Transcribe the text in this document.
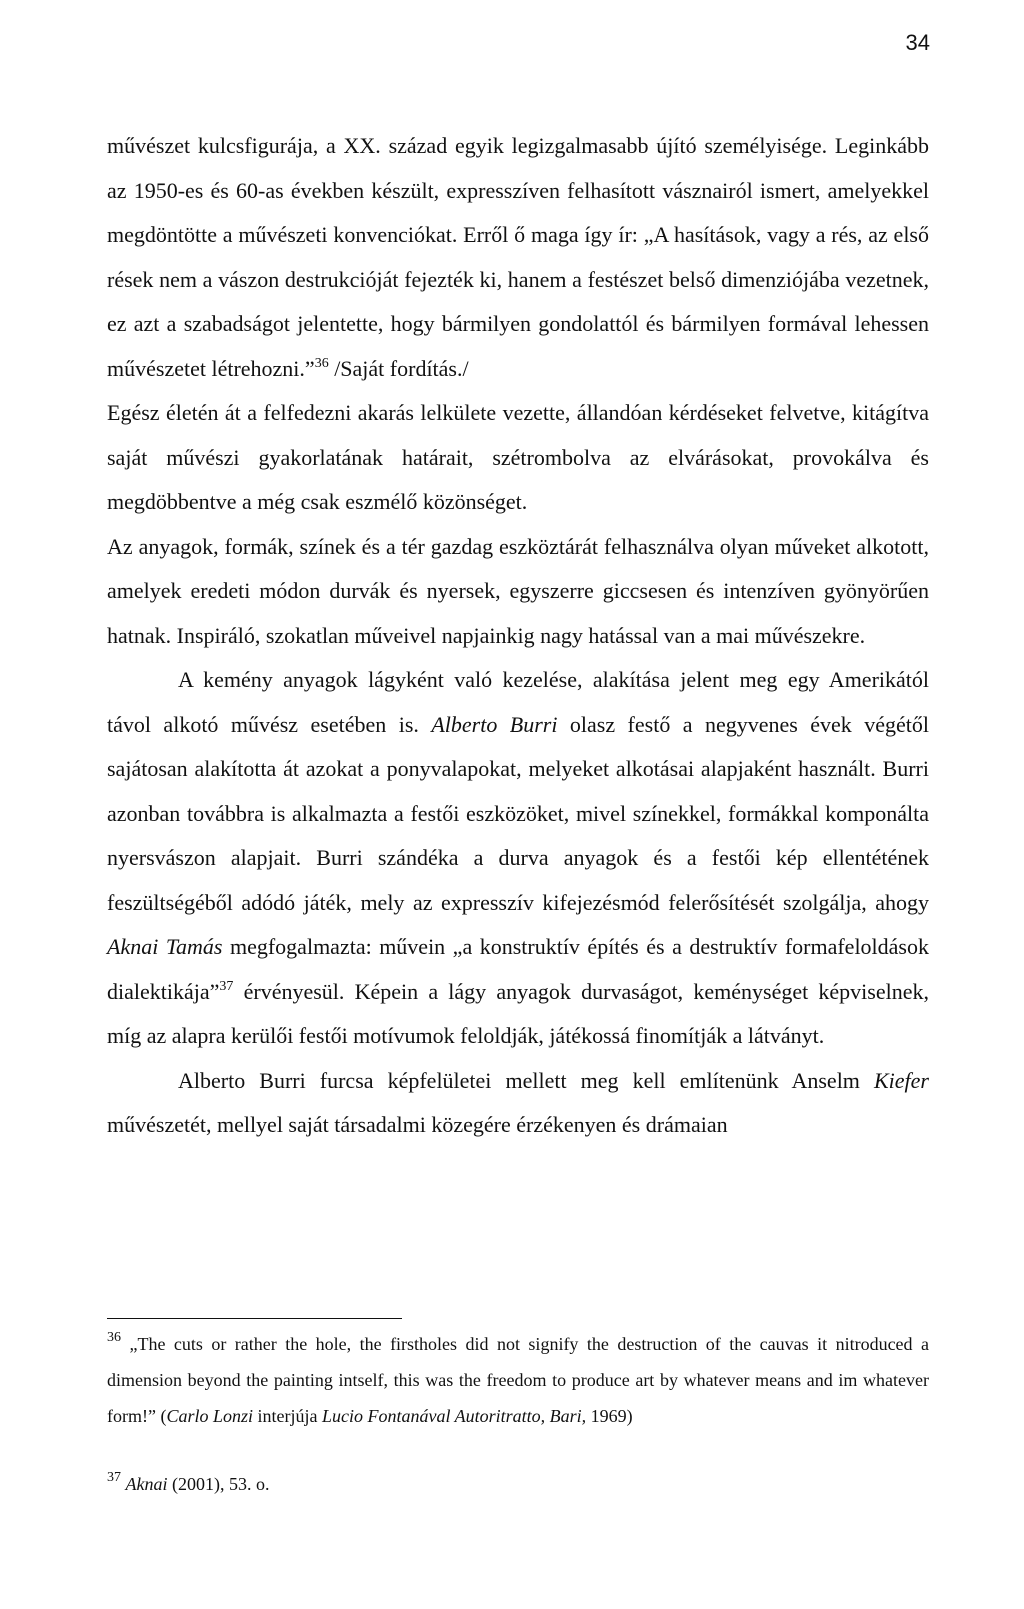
34

művészet kulcsfigurája, a XX. század egyik legizgalmasabb újító személyisége. Leginkább az 1950-es és 60-as években készült, expresszíven felhasított vásznairól ismert, amelyekkel megdöntötte a művészeti konvenciókat. Erről ő maga így ír: „A hasítások, vagy a rés, az első rések nem a vászon destrukcióját fejezték ki, hanem a festészet belső dimenziójába vezetnek, ez azt a szabadságot jelentette, hogy bármilyen gondolattól és bármilyen formával lehessen művészetet létrehozni.”$^{36}$ /Saját fordítás./

Egész életén át a felfedezni akarás lelkülete vezette, állandóan kérdéseket felvetve, kitágítva saját művészi gyakorlatának határait, szétrombolva az elvárásokat, provokálva és megdöbbentve a még csak eszmélő közönséget.

Az anyagok, formák, színek és a tér gazdag eszköztárát felhasználva olyan műveket alkotott, amelyek eredeti módon durvák és nyersek, egyszerre giccsesen és intenzíven gyönyörűen hatnak. Inspiráló, szokatlan műveivel napjainkig nagy hatással van a mai művészekre.

A kemény anyagok lágyként való kezelése, alakítása jelent meg egy Amerikától távol alkotó művész esetében is. Alberto Burri olasz festő a negyvenes évek végétől sajátosan alakította át azokat a ponyvalapokat, melyeket alkotásai alapjaként használt. Burri azonban továbbra is alkalmazta a festői eszközöket, mivel színekkel, formákkal komponálta nyersvászon alapjait. Burri szándéka a durva anyagok és a festői kép ellentétének feszültségéből adódó játék, mely az expresszív kifejezésmód felerősítését szolgálja, ahogy Aknai Tamás megfogalmazta: művein „a konstruktív építés és a destruktív formafeloldások dialektikája”$^{37}$ érvényesül. Képein a lágy anyagok durvaságot, keménységet képviselnek, míg az alapra kerülői festői motívumok feloldják, játékossá finomítják a látványt.

Alberto Burri furcsa képfelületei mellett meg kell említenünk Anselm Kiefer művészetét, mellyel saját társadalmi közegére érzékenyen és drámaian

$^{36}$ „The cuts or rather the hole, the firstholes did not signify the destruction of the cauvas it nitroduced a dimension beyond the painting intself, this was the freedom to produce art by whatever means and im whatever form!” (Carlo Lonzi interjúja Lucio Fontanával Autoritratto, Bari, 1969)

$^{37}$ Aknai (2001), 53. o.
